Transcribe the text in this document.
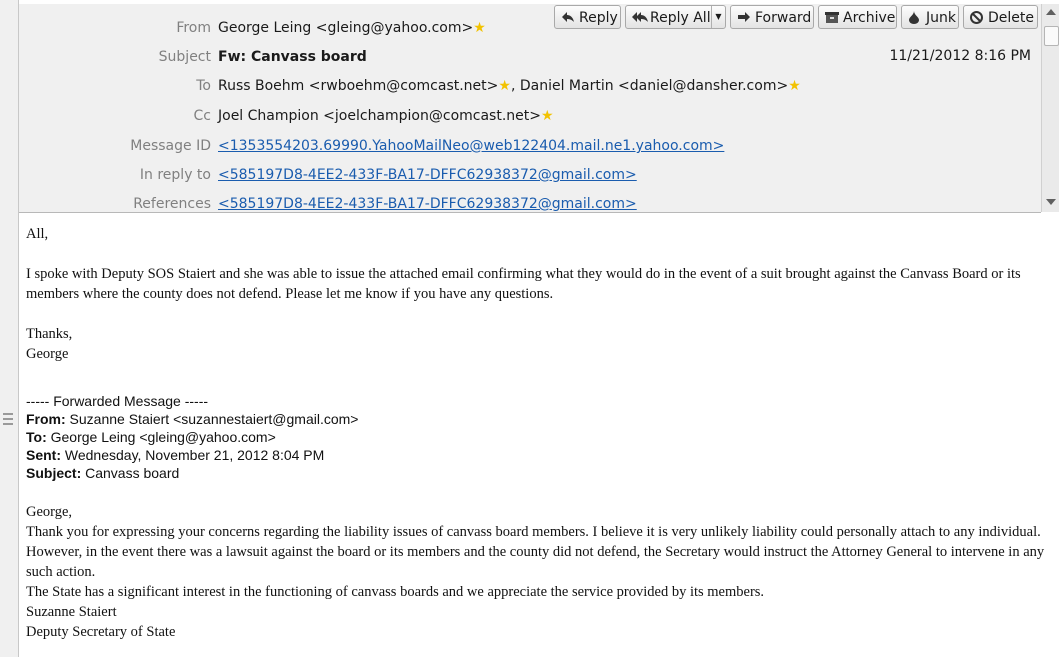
From George Leing <gleing@yahoo.com>★
Subject Fw: Canvass board	11/21/2012 8:16 PM
To Russ Boehm <rwboehm@comcast.net>★, Daniel Martin <daniel@dansher.com>★
Cc Joel Champion <joelchampion@comcast.net>★
Message ID <1353554203.69990.YahooMailNeo@web122404.mail.ne1.yahoo.com>
In reply to <585197D8-4EE2-433F-BA17-DFFC62938372@gmail.com>
References <585197D8-4EE2-433F-BA17-DFFC62938372@gmail.com>
Reply	Reply All ▼	Forward	Archive	Junk	Delete

All,

I spoke with Deputy SOS Staiert and she was able to issue the attached email confirming what they would do in the event of a suit brought against the Canvass Board or its members where the county does not defend. Please let me know if you have any questions.

Thanks,

George

----- Forwarded Message -----
From: Suzanne Staiert <suzannestaiert@gmail.com>
To: George Leing <gleing@yahoo.com>
Sent: Wednesday, November 21, 2012 8:04 PM
Subject: Canvass board

George,

Thank you for expressing your concerns regarding the liability issues of canvass board members. I believe it is very unlikely liability could personally attach to any individual. However, in the event there was a lawsuit against the board or its members and the county did not defend, the Secretary would instruct the Attorney General to intervene in any such action.

The State has a significant interest in the functioning of canvass boards and we appreciate the service provided by its members.

Suzanne Staiert

Deputy Secretary of State
